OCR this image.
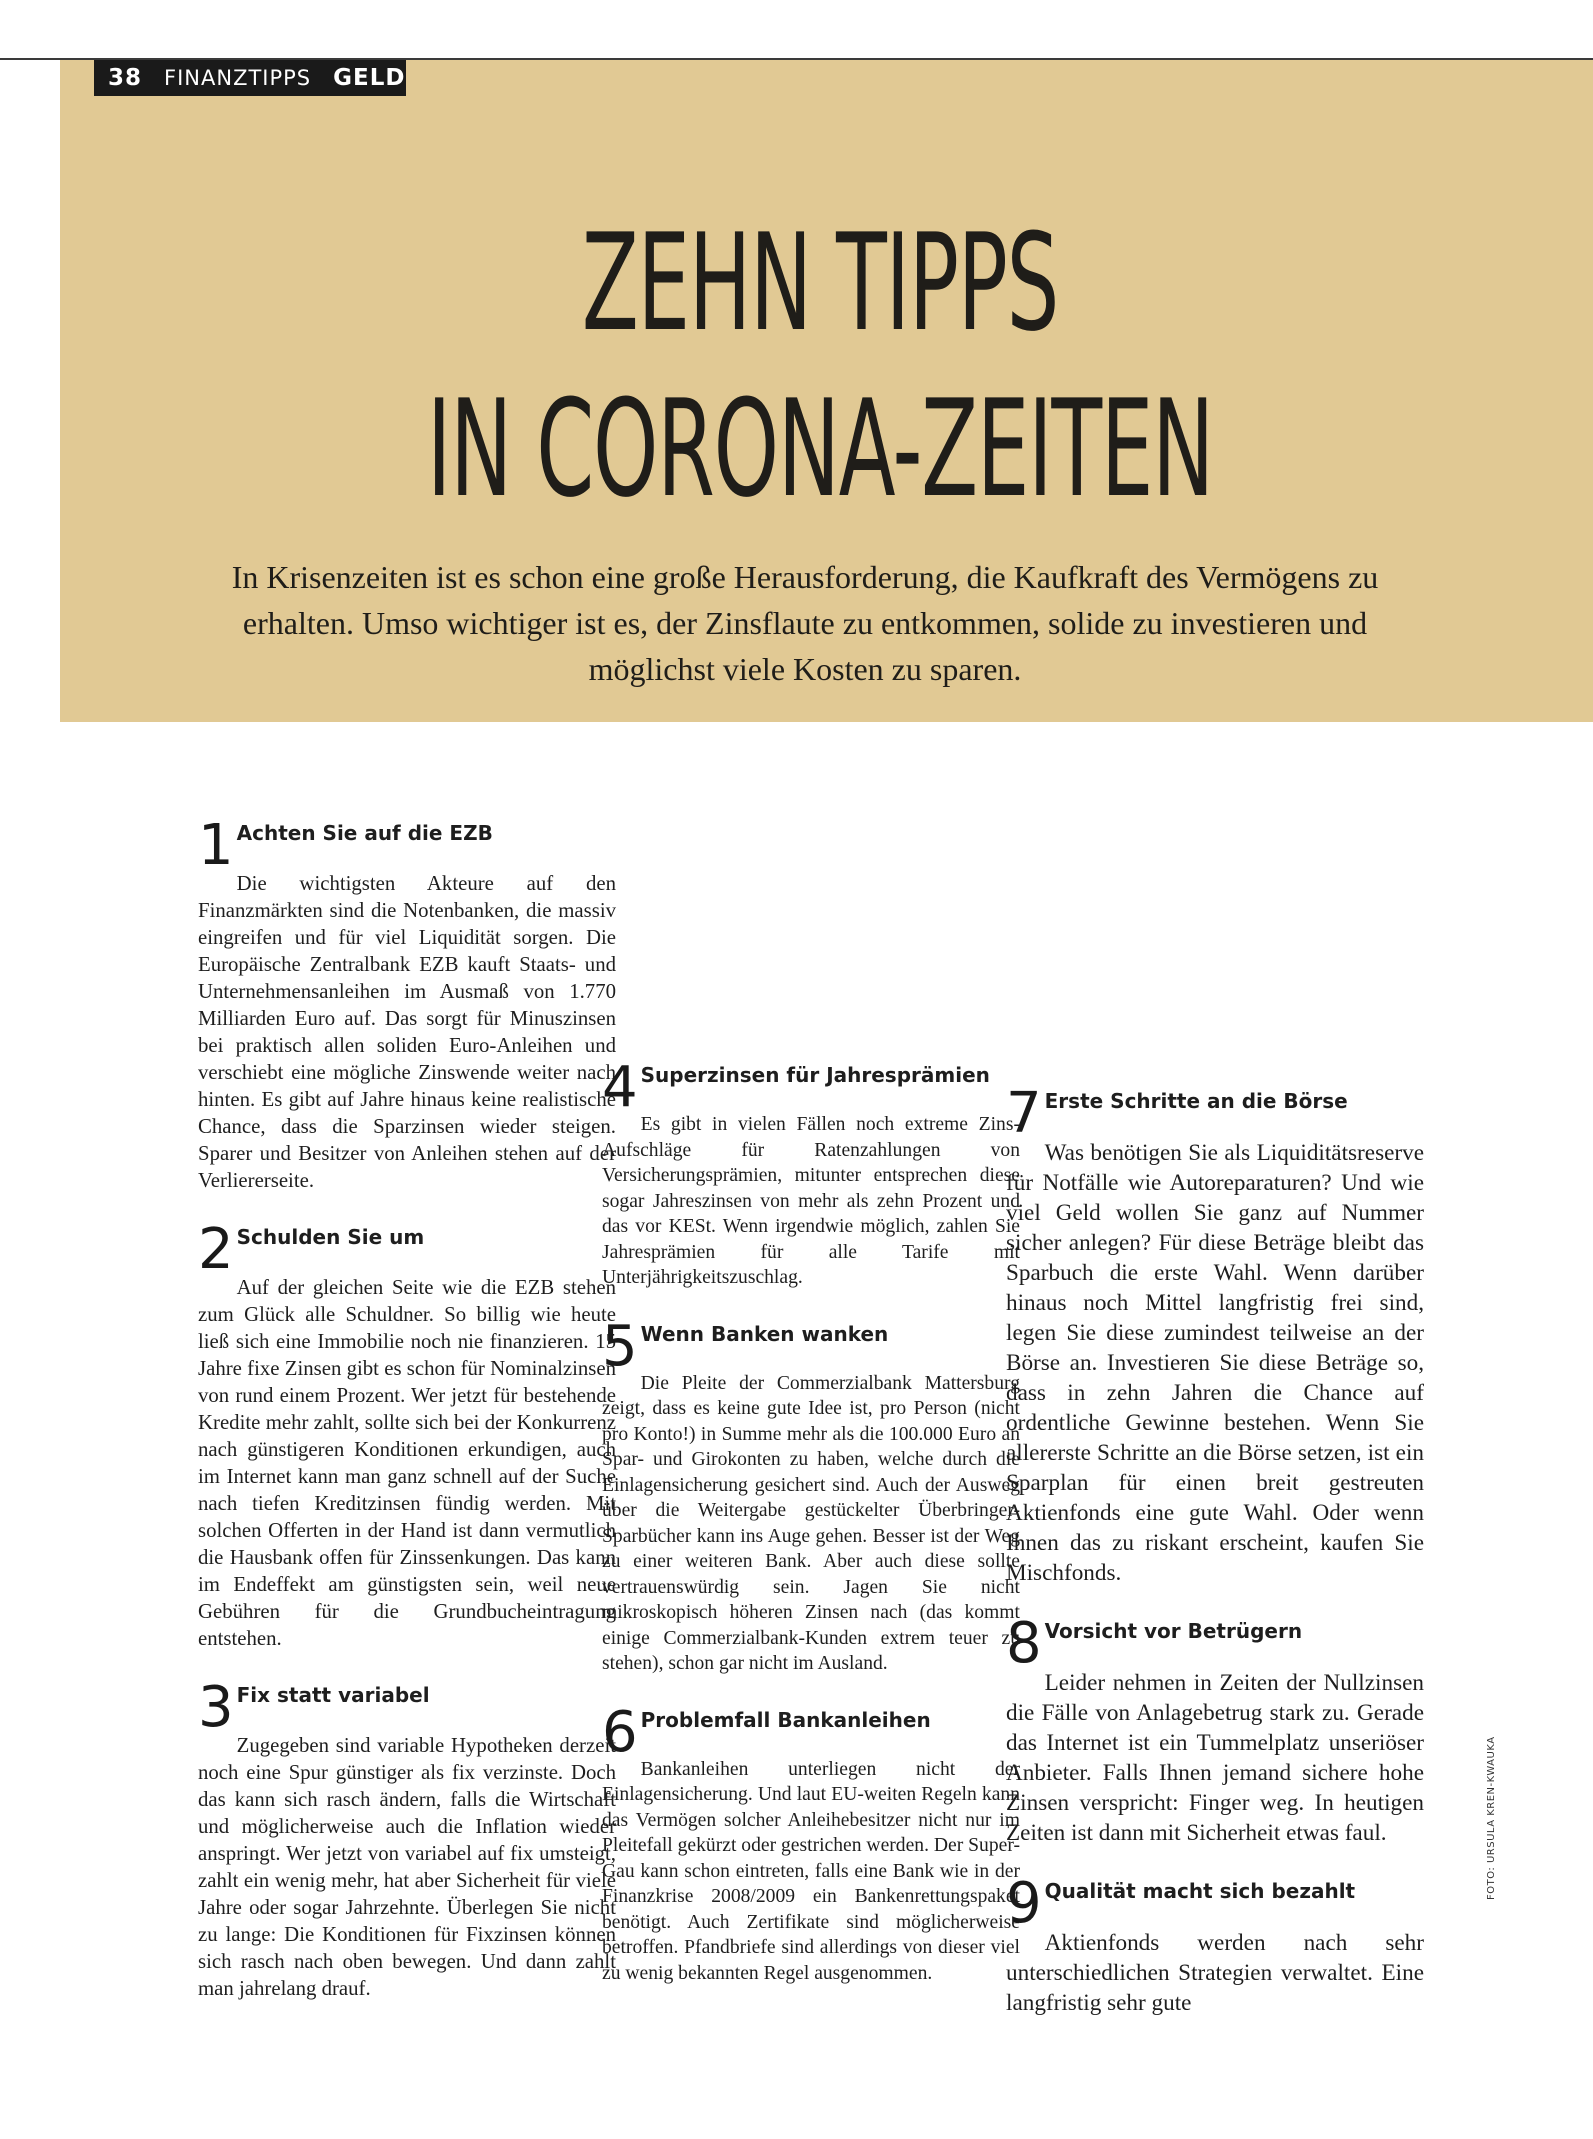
38 FINANZTIPPS GELD
ZEHN TIPPS
IN CORONA-ZEITEN

In Krisenzeiten ist es schon eine große Herausforderung, die Kaufkraft des Vermögens zu erhalten. Umso wichtiger ist es, der Zinsflaute zu entkommen, solide zu investieren und möglichst viele Kosten zu sparen.

1 Achten Sie auf die EZB

Die wichtigsten Akteure auf den Finanzmärkten sind die Notenbanken, die massiv eingreifen und für viel Liquidität sorgen. Die Europäische Zentralbank EZB kauft Staats- und Unternehmensanleihen im Ausmaß von 1.770 Milliarden Euro auf. Das sorgt für Minuszinsen bei praktisch allen soliden Euro-Anleihen und verschiebt eine mögliche Zinswende weiter nach hinten. Es gibt auf Jahre hinaus keine realistische Chance, dass die Sparzinsen wieder steigen. Sparer und Besitzer von Anleihen stehen auf der Verliererseite.

2 Schulden Sie um

Auf der gleichen Seite wie die EZB stehen zum Glück alle Schuldner. So billig wie heute ließ sich eine Immobilie noch nie finanzieren. 15 Jahre fixe Zinsen gibt es schon für Nominalzinsen von rund einem Prozent. Wer jetzt für bestehende Kredite mehr zahlt, sollte sich bei der Konkurrenz nach günstigeren Konditionen erkundigen, auch im Internet kann man ganz schnell auf der Suche nach tiefen Kreditzinsen fündig werden. Mit solchen Offerten in der Hand ist dann vermutlich die Hausbank offen für Zinssenkungen. Das kann im Endeffekt am günstigsten sein, weil neue Gebühren für die Grundbucheintragung entstehen.

3 Fix statt variabel

Zugegeben sind variable Hypotheken derzeit noch eine Spur günstiger als fix verzinste. Doch das kann sich rasch ändern, falls die Wirtschaft und möglicherweise auch die Inflation wieder anspringt. Wer jetzt von variabel auf fix umsteigt, zahlt ein wenig mehr, hat aber Sicherheit für viele Jahre oder sogar Jahrzehnte. Überlegen Sie nicht zu lange: Die Konditionen für Fixzinsen können sich rasch nach oben bewegen. Und dann zahlt man jahrelang drauf.

4 Superzinsen für Jahresprämien

Es gibt in vielen Fällen noch extreme Zins-Aufschläge für Ratenzahlungen von Versicherungsprämien, mitunter entsprechen diese sogar Jahreszinsen von mehr als zehn Prozent und das vor KESt. Wenn irgendwie möglich, zahlen Sie Jahresprämien für alle Tarife mit Unterjährigkeitszuschlag.

5 Wenn Banken wanken

Die Pleite der Commerzialbank Mattersburg zeigt, dass es keine gute Idee ist, pro Person (nicht pro Konto!) in Summe mehr als die 100.000 Euro an Spar- und Girokonten zu haben, welche durch die Einlagensicherung gesichert sind. Auch der Ausweg über die Weitergabe gestückelter Überbringer-Sparbücher kann ins Auge gehen. Besser ist der Weg zu einer weiteren Bank. Aber auch diese sollte vertrauenswürdig sein. Jagen Sie nicht mikroskopisch höheren Zinsen nach (das kommt einige Commerzialbank-Kunden extrem teuer zu stehen), schon gar nicht im Ausland.

6 Problemfall Bankanleihen

Bankanleihen unterliegen nicht der Einlagensicherung. Und laut EU-weiten Regeln kann das Vermögen solcher Anleihebesitzer nicht nur im Pleitefall gekürzt oder gestrichen werden. Der Super-Gau kann schon eintreten, falls eine Bank wie in der Finanzkrise 2008/2009 ein Bankenrettungspaket benötigt. Auch Zertifikate sind möglicherweise betroffen. Pfandbriefe sind allerdings von dieser viel zu wenig bekannten Regel ausgenommen.

7 Erste Schritte an die Börse

Was benötigen Sie als Liquiditätsreserve für Notfälle wie Autoreparaturen? Und wie viel Geld wollen Sie ganz auf Nummer sicher anlegen? Für diese Beträge bleibt das Sparbuch die erste Wahl. Wenn darüber hinaus noch Mittel langfristig frei sind, legen Sie diese zumindest teilweise an der Börse an. Investieren Sie diese Beträge so, dass in zehn Jahren die Chance auf ordentliche Gewinne bestehen. Wenn Sie allererste Schritte an die Börse setzen, ist ein Sparplan für einen breit gestreuten Aktienfonds eine gute Wahl. Oder wenn Ihnen das zu riskant erscheint, kaufen Sie Mischfonds.

8 Vorsicht vor Betrügern

Leider nehmen in Zeiten der Nullzinsen die Fälle von Anlagebetrug stark zu. Gerade das Internet ist ein Tummelplatz unseriöser Anbieter. Falls Ihnen jemand sichere hohe Zinsen verspricht: Finger weg. In heutigen Zeiten ist dann mit Sicherheit etwas faul.

9 Qualität macht sich bezahlt

Aktienfonds werden nach sehr unterschiedlichen Strategien verwaltet. Eine langfristig sehr gute

FOTO: URSULA KREN-KWAUKA
